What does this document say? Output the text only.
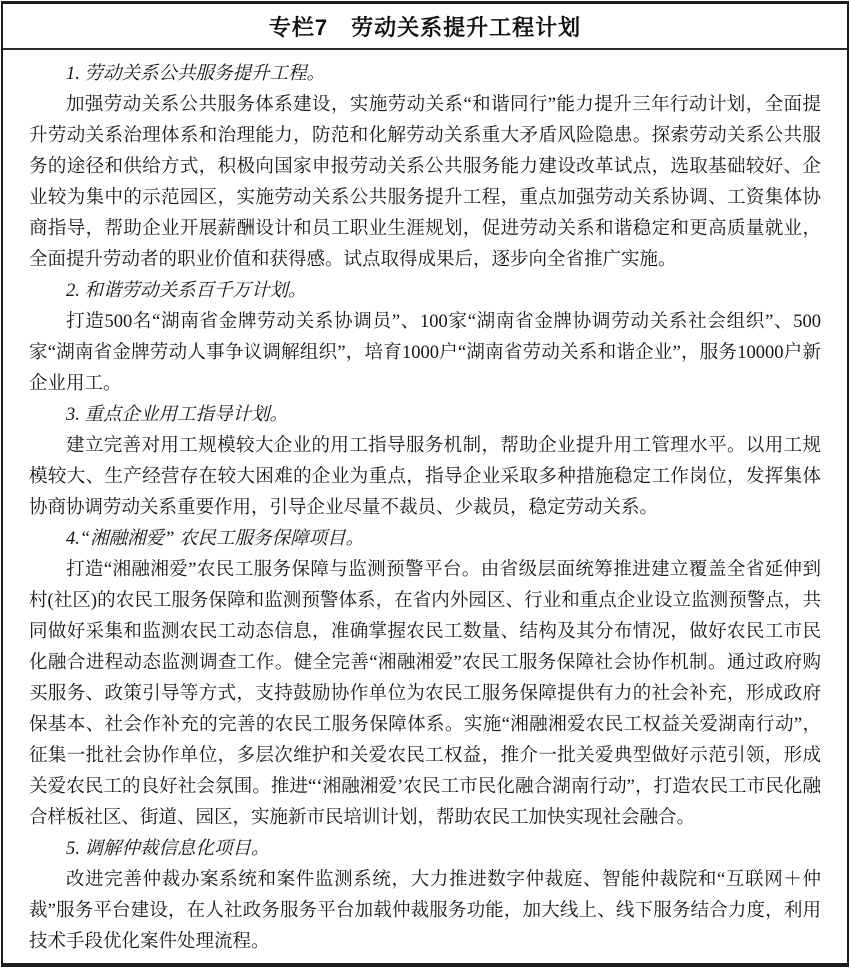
专栏7　劳动关系提升工程计划

1. 劳动关系公共服务提升工程。

加强劳动关系公共服务体系建设，实施劳动关系“和谐同行”能力提升三年行动计划，全面提升劳动关系治理体系和治理能力，防范和化解劳动关系重大矛盾风险隐患。探索劳动关系公共服务的途径和供给方式，积极向国家申报劳动关系公共服务能力建设改革试点，选取基础较好、企业较为集中的示范园区，实施劳动关系公共服务提升工程，重点加强劳动关系协调、工资集体协商指导，帮助企业开展薪酬设计和员工职业生涯规划，促进劳动关系和谐稳定和更高质量就业，全面提升劳动者的职业价值和获得感。试点取得成果后，逐步向全省推广实施。

2. 和谐劳动关系百千万计划。

打造500名“湖南省金牌劳动关系协调员”、100家“湖南省金牌协调劳动关系社会组织”、500家“湖南省金牌劳动人事争议调解组织”，培育1000户“湖南省劳动关系和谐企业”，服务10000户新企业用工。

3. 重点企业用工指导计划。

建立完善对用工规模较大企业的用工指导服务机制，帮助企业提升用工管理水平。以用工规模较大、生产经营存在较大困难的企业为重点，指导企业采取多种措施稳定工作岗位，发挥集体协商协调劳动关系重要作用，引导企业尽量不裁员、少裁员，稳定劳动关系。

4.“湘融湘爱” 农民工服务保障项目。

打造“湘融湘爱”农民工服务保障与监测预警平台。由省级层面统筹推进建立覆盖全省延伸到村(社区)的农民工服务保障和监测预警体系，在省内外园区、行业和重点企业设立监测预警点，共同做好采集和监测农民工动态信息，准确掌握农民工数量、结构及其分布情况，做好农民工市民化融合进程动态监测调查工作。健全完善“湘融湘爱”农民工服务保障社会协作机制。通过政府购买服务、政策引导等方式，支持鼓励协作单位为农民工服务保障提供有力的社会补充，形成政府保基本、社会作补充的完善的农民工服务保障体系。实施“湘融湘爱农民工权益关爱湖南行动”，征集一批社会协作单位，多层次维护和关爱农民工权益，推介一批关爱典型做好示范引领，形成关爱农民工的良好社会氛围。推进“‘湘融湘爱’农民工市民化融合湖南行动”，打造农民工市民化融合样板社区、街道、园区，实施新市民培训计划，帮助农民工加快实现社会融合。

5. 调解仲裁信息化项目。

改进完善仲裁办案系统和案件监测系统，大力推进数字仲裁庭、智能仲裁院和“互联网＋仲裁”服务平台建设，在人社政务服务平台加载仲裁服务功能，加大线上、线下服务结合力度，利用技术手段优化案件处理流程。
